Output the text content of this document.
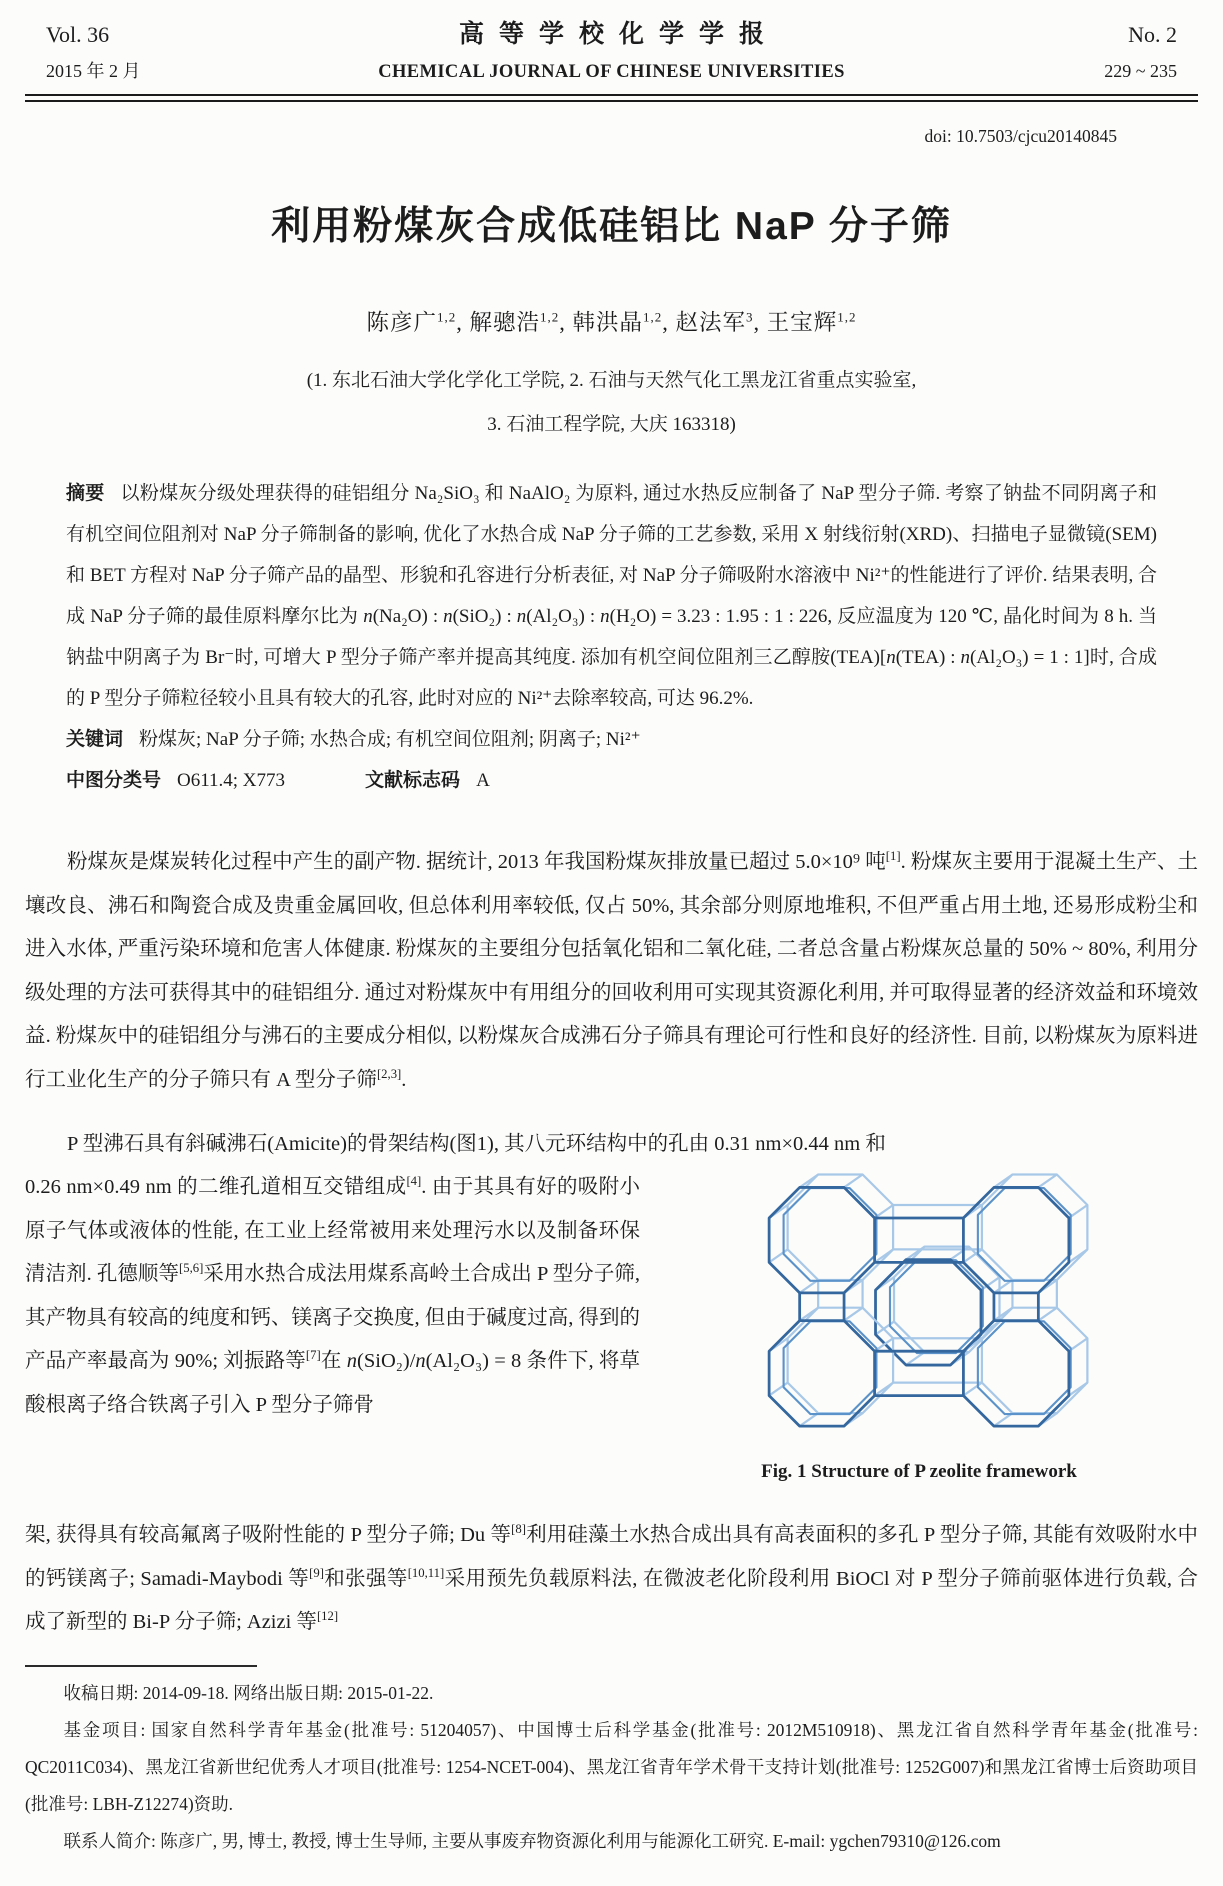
Vol. 36	高等学校化学学报	No. 2
2015 年 2 月	CHEMICAL JOURNAL OF CHINESE UNIVERSITIES	229 ~ 235
doi: 10.7503/cjcu20140845
利用粉煤灰合成低硅铝比 NaP 分子筛
陈彦广$^{1,2}$, 解骢浩$^{1,2}$, 韩洪晶$^{1,2}$, 赵法军$^3$, 王宝辉$^{1,2}$
(1. 东北石油大学化学化工学院, 2. 石油与天然气化工黑龙江省重点实验室,
3. 石油工程学院, 大庆 163318)

摘要 以粉煤灰分级处理获得的硅铝组分 Na₂SiO₃ 和 NaAlO₂ 为原料, 通过水热反应制备了 NaP 型分子筛. 考察了钠盐不同阴离子和有机空间位阻剂对 NaP 分子筛制备的影响, 优化了水热合成 NaP 分子筛的工艺参数, 采用 X 射线衍射(XRD)、扫描电子显微镜(SEM)和 BET 方程对 NaP 分子筛产品的晶型、形貌和孔容进行分析表征, 对 NaP 分子筛吸附水溶液中 Ni²⁺的性能进行了评价. 结果表明, 合成 NaP 分子筛的最佳原料摩尔比为 n(Na₂O) : n(SiO₂) : n(Al₂O₃) : n(H₂O) = 3.23 : 1.95 : 1 : 226, 反应温度为 120 ℃, 晶化时间为 8 h. 当钠盐中阴离子为 Br⁻时, 可增大 P 型分子筛产率并提高其纯度. 添加有机空间位阻剂三乙醇胺(TEA)[n(TEA) : n(Al₂O₃) = 1 : 1]时, 合成的 P 型分子筛粒径较小且具有较大的孔容, 此时对应的 Ni²⁺去除率较高, 可达 96.2%.

关键词 粉煤灰; NaP 分子筛; 水热合成; 有机空间位阻剂; 阴离子; Ni²⁺

中图分类号 O611.4; X773	文献标志码 A

粉煤灰是煤炭转化过程中产生的副产物. 据统计, 2013 年我国粉煤灰排放量已超过 5.0×10⁹ 吨[1]. 粉煤灰主要用于混凝土生产、土壤改良、沸石和陶瓷合成及贵重金属回收, 但总体利用率较低, 仅占 50%, 其余部分则原地堆积, 不但严重占用土地, 还易形成粉尘和进入水体, 严重污染环境和危害人体健康. 粉煤灰的主要组分包括氧化铝和二氧化硅, 二者总含量占粉煤灰总量的 50% ~ 80%, 利用分级处理的方法可获得其中的硅铝组分. 通过对粉煤灰中有用组分的回收利用可实现其资源化利用, 并可取得显著的经济效益和环境效益. 粉煤灰中的硅铝组分与沸石的主要成分相似, 以粉煤灰合成沸石分子筛具有理论可行性和良好的经济性. 目前, 以粉煤灰为原料进行工业化生产的分子筛只有 A 型分子筛[2,3].

P 型沸石具有斜碱沸石(Amicite)的骨架结构(图1), 其八元环结构中的孔由 0.31 nm×0.44 nm 和

0.26 nm×0.49 nm 的二维孔道相互交错组成[4]. 由于其具有好的吸附小原子气体或液体的性能, 在工业上经常被用来处理污水以及制备环保清洁剂. 孔德顺等[5,6]采用水热合成法用煤系高岭土合成出 P 型分子筛, 其产物具有较高的纯度和钙、镁离子交换度, 但由于碱度过高, 得到的产品产率最高为 90%; 刘振路等[7]在 n(SiO₂)/n(Al₂O₃) = 8 条件下, 将草酸根离子络合铁离子引入 P 型分子筛骨
Fig. 1 Structure of P zeolite framework

架, 获得具有较高氟离子吸附性能的 P 型分子筛; Du 等[8]利用硅藻土水热合成出具有高表面积的多孔 P 型分子筛, 其能有效吸附水中的钙镁离子; Samadi-Maybodi 等[9]和张强等[10,11]采用预先负载原料法, 在微波老化阶段利用 BiOCl 对 P 型分子筛前驱体进行负载, 合成了新型的 Bi-P 分子筛; Azizi 等[12]

收稿日期: 2014-09-18. 网络出版日期: 2015-01-22.
基金项目: 国家自然科学青年基金(批准号: 51204057)、中国博士后科学基金(批准号: 2012M510918)、黑龙江省自然科学青年基金(批准号: QC2011C034)、黑龙江省新世纪优秀人才项目(批准号: 1254-NCET-004)、黑龙江省青年学术骨干支持计划(批准号: 1252G007)和黑龙江省博士后资助项目(批准号: LBH-Z12274)资助.
联系人简介: 陈彦广, 男, 博士, 教授, 博士生导师, 主要从事废弃物资源化利用与能源化工研究. E-mail: ygchen79310@126.com
